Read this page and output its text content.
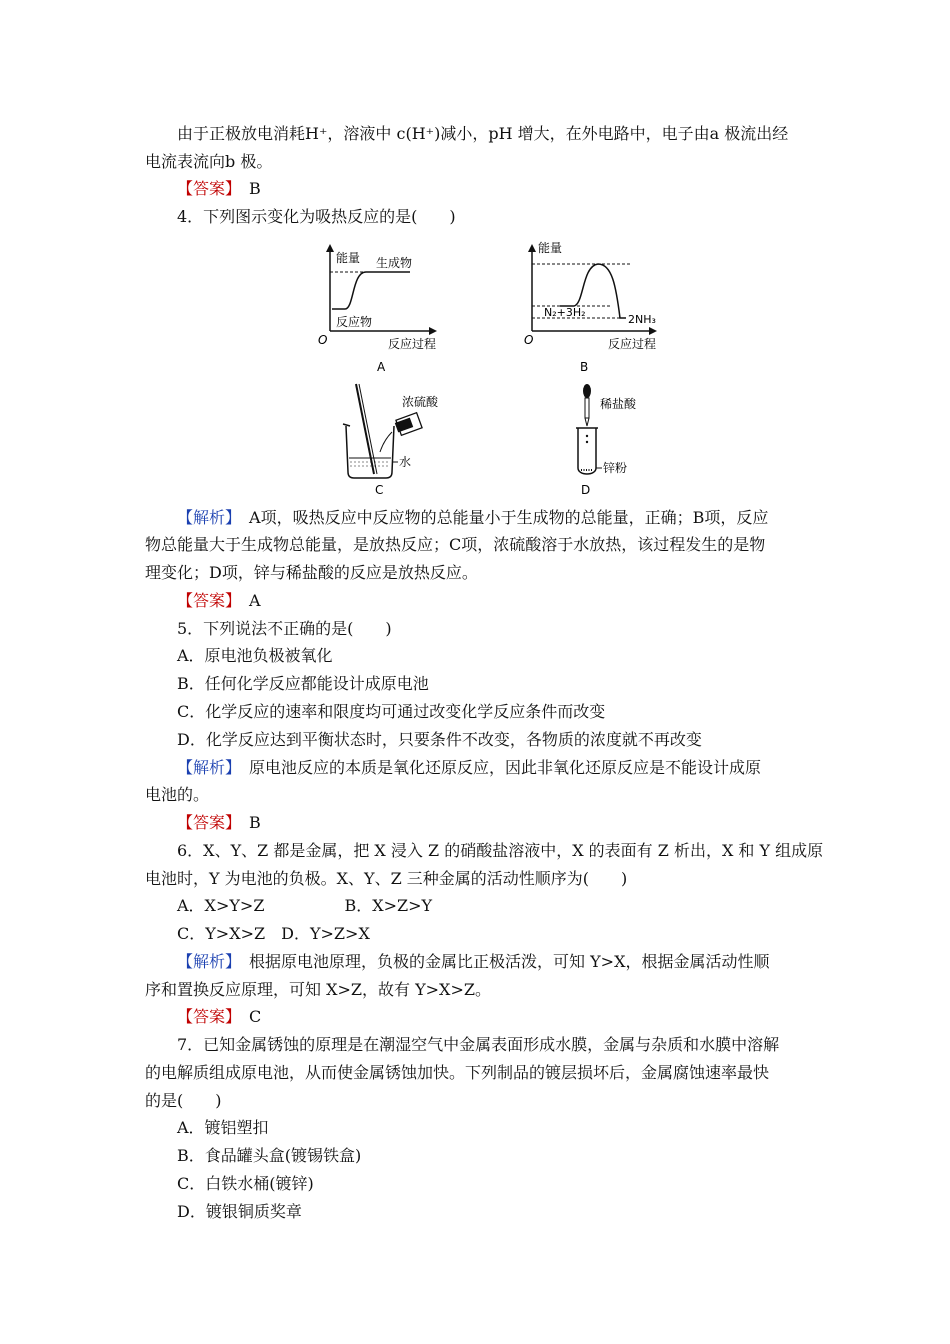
由于正极放电消耗H⁺，溶液中 c(H⁺)减小，pH 增大，在外电路中，电子由a 极流出经
电流表流向b 极。
【答案】　 B
4．下列图示变化为吸热反应的是(　　)
能量 生成物
反应物
O	反应过程
A
能量
N₂+3H₂
2NH₃
O	反应过程
B
浓硫酸
水
C
稀盐酸
锌粉
D
【解析】　 A项，吸热反应中反应物的总能量小于生成物的总能量，正确；B项，反应
物总能量大于生成物总能量，是放热反应；C项，浓硫酸溶于水放热，该过程发生的是物
理变化；D项，锌与稀盐酸的反应是放热反应。
【答案】　 A
5．下列说法不正确的是(　　)
A．原电池负极被氧化
B．任何化学反应都能设计成原电池
C．化学反应的速率和限度均可通过改变化学反应条件而改变
D．化学反应达到平衡状态时，只要条件不改变，各物质的浓度就不再改变
【解析】　 原电池反应的本质是氧化还原反应，因此非氧化还原反应是不能设计成原
电池的。
【答案】　 B
6．X、Y、Z 都是金属，把 X 浸入 Z 的硝酸盐溶液中，X 的表面有 Z 析出，X 和 Y 组成原
电池时，Y 为电池的负极。X、Y、Z 三种金属的活动性顺序为(　　)
A．X>Y>Z　　　　　B．X>Z>Y
C．Y>X>Z　D．Y>Z>X
【解析】　 根据原电池原理，负极的金属比正极活泼，可知 Y>X，根据金属活动性顺
序和置换反应原理，可知 X>Z，故有 Y>X>Z。
【答案】　 C
7．已知金属锈蚀的原理是在潮湿空气中金属表面形成水膜，金属与杂质和水膜中溶解
的电解质组成原电池，从而使金属锈蚀加快。下列制品的镀层损坏后，金属腐蚀速率最快
的是(　　)
A．镀铝塑扣
B．食品罐头盒(镀锡铁盒)
C．白铁水桶(镀锌)
D．镀银铜质奖章
